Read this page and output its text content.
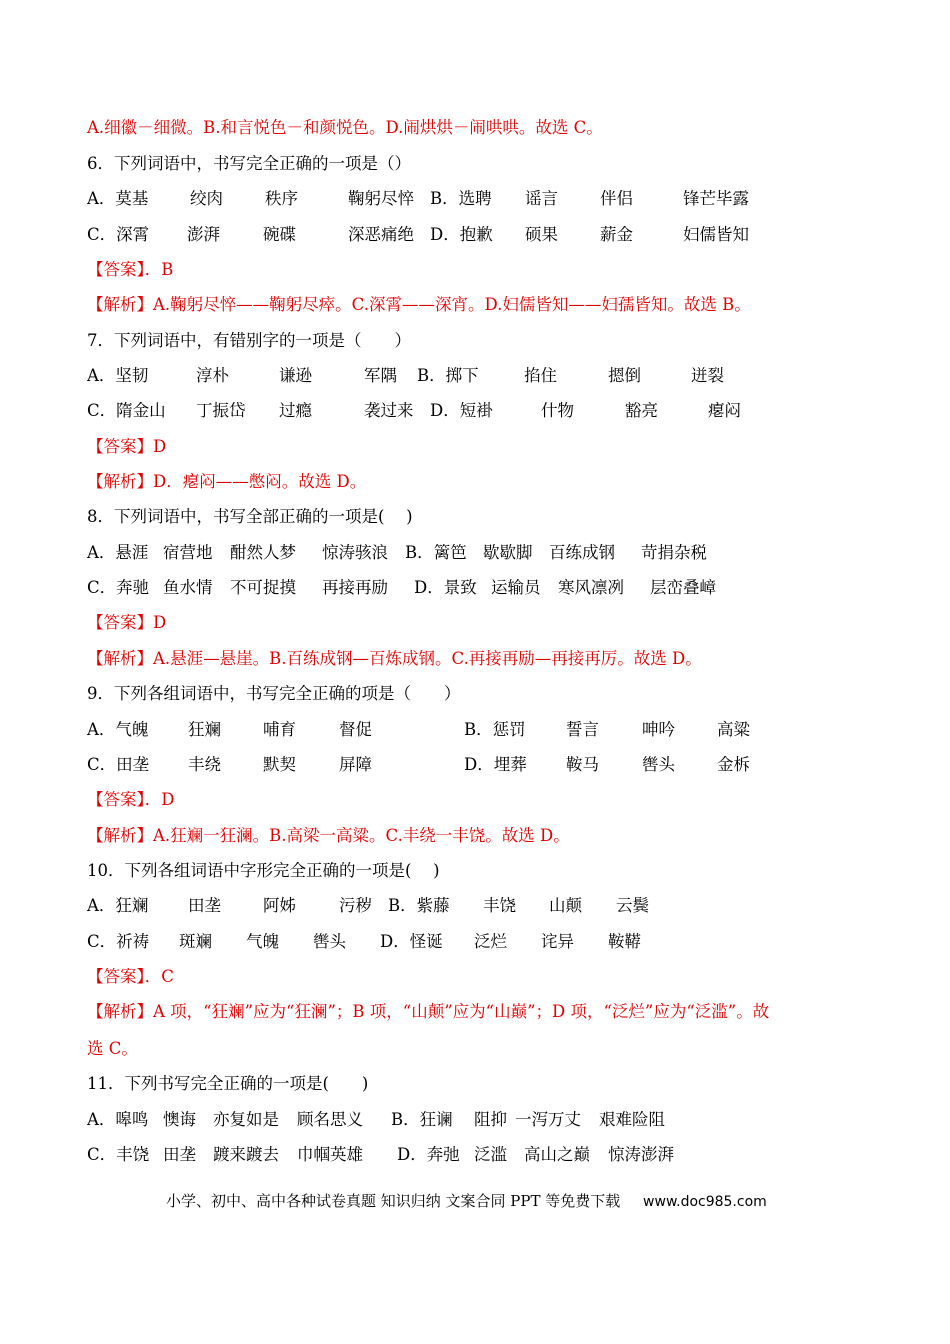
A.细徽－细微。B.和言悦色－和颜悦色。D.闹烘烘－闹哄哄。故选 C。
6．下列词语中，书写完全正确的一项是（）
A．莫基	绞肉	秩序	鞠躬尽悴 B．选聘 谣言	伴侣	锋芒毕露
C．深霄 澎湃	碗碟	深恶痛绝 D．抱歉 硕果	薪金	妇儒皆知
【答案】．B
【解析】A.鞠躬尽悴——鞠躬尽瘁。C.深霄——深宵。D.妇儒皆知——妇孺皆知。故选 B。
7．下列词语中，有错别字的一项是（　　）
A．坚韧	淳朴	谦逊	军隅 B．掷下	掐住	摁倒	迸裂
C．隋金山 丁振岱 过瘾	袭过来 D．短褂	什物	豁亮	瘪闷
【答案】D
【解析】D．瘪闷——憋闷。故选 D。
8．下列词语中，书写全部正确的一项是(　 )
A．悬涯 宿营地 酣然人梦 惊涛骇浪 B．篱笆 歇歇脚 百练成钢 苛捐杂税
C．奔驰 鱼水情 不可捉摸 再接再励 D．景致 运输员 寒风凛冽 层峦叠嶂
【答案】D
【解析】A.悬涯—悬崖。B.百练成钢—百炼成钢。C.再接再励—再接再厉。故选 D。
9．下列各组词语中，书写完全正确的项是（　　）
A．气魄 狂斓	哺育	督促	B．惩罚 誓言	呻吟	高粱
C．田垄 丰绕	默契	屏障	D．埋葬 鞍马	辔头	金柝
【答案】．D
【解析】A.狂斓一狂澜。B.高梁一高粱。C.丰绕一丰饶。故选 D。
10．下列各组词语中字形完全正确的一项是(　 )
A．狂斓 田垄	阿姊	污秽 B．紫藤 丰饶 山颠 云鬓
C．祈祷 斑斓 气魄 辔头 D．怪诞 泛烂 诧异 鞍鞯
【答案】．C
【解析】A 项，“狂斓”应为“狂澜”；B 项，“山颠”应为“山巅”；D 项，“泛烂”应为“泛滥”。故
选 C。
11．下列书写完全正确的一项是(　　)
A．嗥鸣 懊诲 亦复如是 顾名思义 B．狂谰 阻抑 一泻万丈 艰难险阻
C．丰饶 田垄 踱来踱去 巾帼英雄 D．奔弛 泛滥 高山之巅 惊涛澎湃
小学、初中、高中各种试卷真题 知识归纳 文案合同 PPT 等免费下载 www.doc985.com
